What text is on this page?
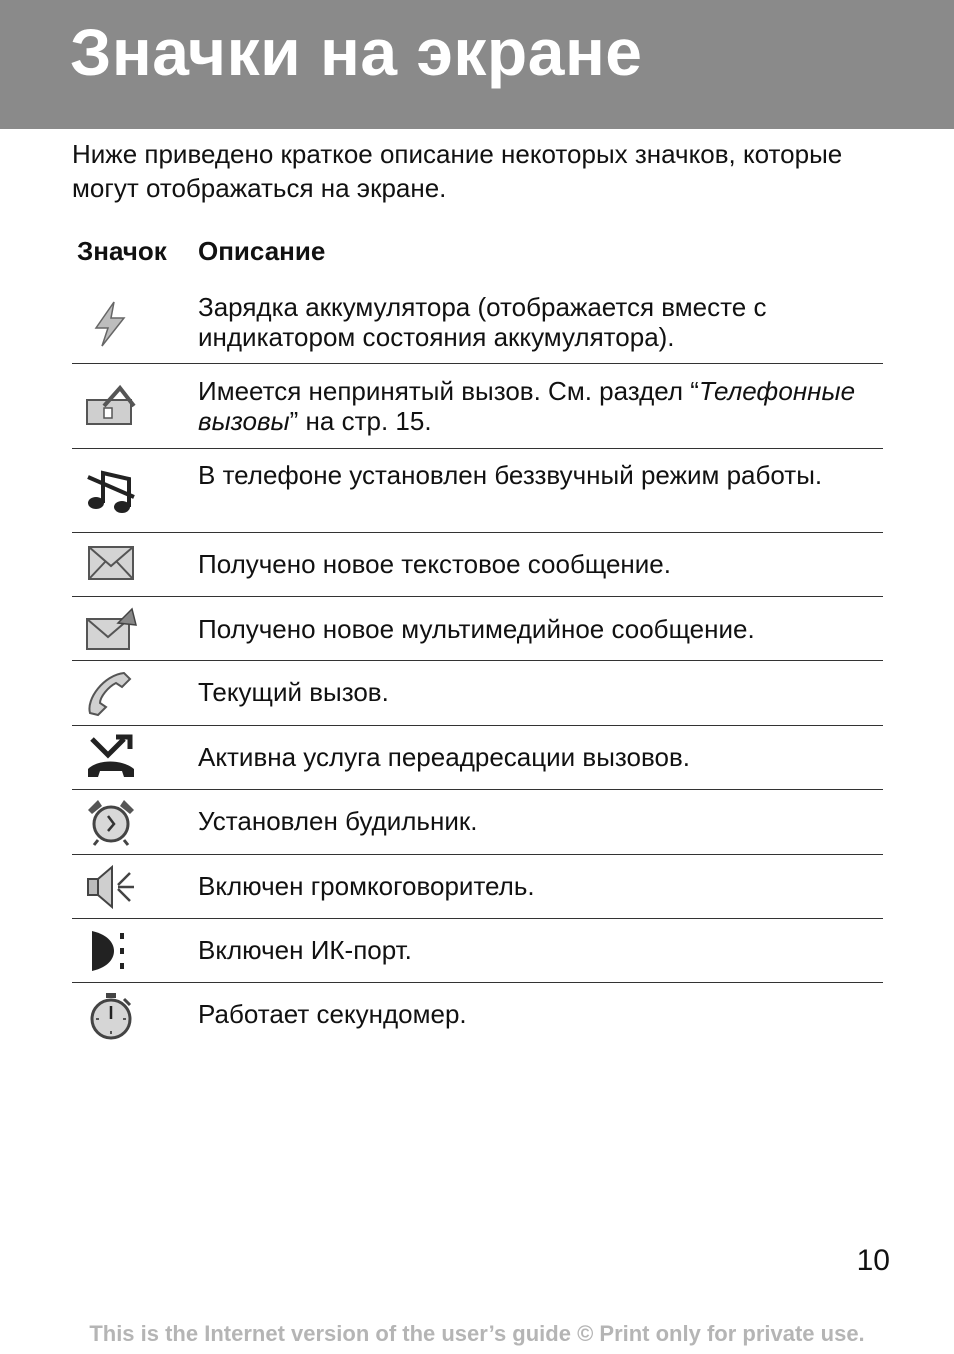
Значки на экране

Ниже приведено краткое описание некоторых значков, которые могут отображаться на экране.

Значок Описание

Зарядка аккумулятора (отображается вместе с индикатором состояния аккумулятора).

Имеется непринятый вызов. См. раздел “Телефонные вызовы” на стр. 15.

В телефоне установлен беззвучный режим работы.

Получено новое текстовое сообщение.

Получено новое мультимедийное сообщение.

Текущий вызов.

Активна услуга переадресации вызовов.

Установлен будильник.

Включен громкоговоритель.

Включен ИК-порт.

Работает секундомер.

10
This is the Internet version of the user’s guide © Print only for private use.
